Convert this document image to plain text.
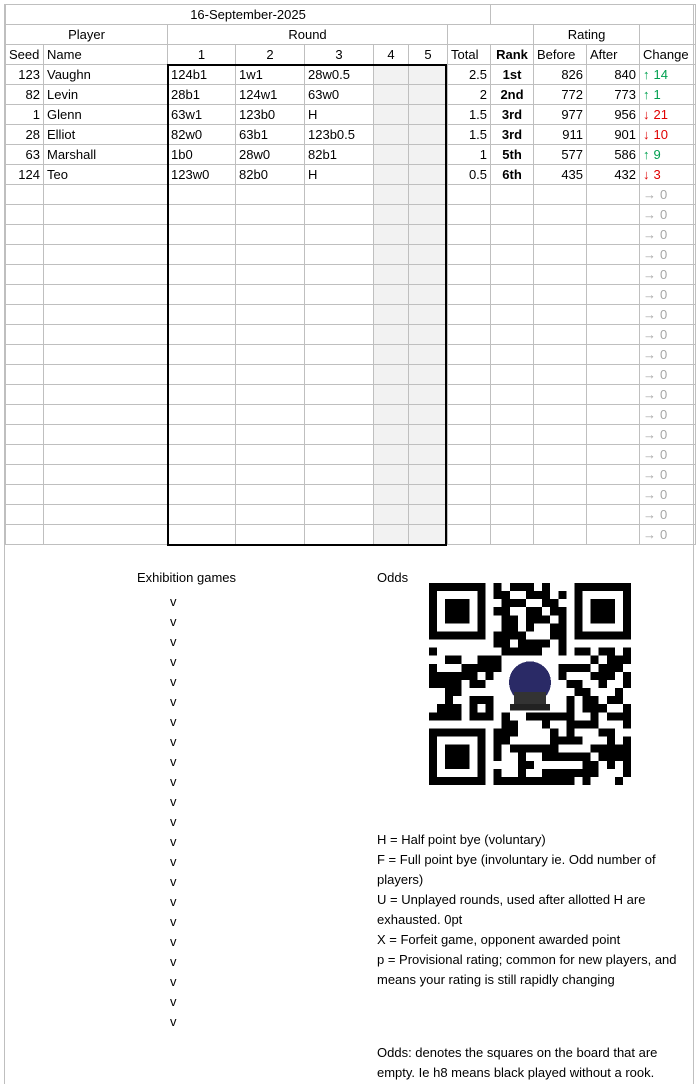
16-September-2025											
Player		Round							Rating		
Seed	Name	1	2	3	4	5	Total	Rank	Before	After	Change
123	Vaughn	124b1	1w1	28w0.5			2.5	1st	826	840	↑ 14
82	Levin	28b1	124w1	63w0			2	2nd	772	773	↑ 1
1	Glenn	63w1	123b0	H			1.5	3rd	977	956	↓ 21
28	Elliot	82w0	63b1	123b0.5			1.5	3rd	911	901	↓ 10
63	Marshall	1b0	28w0	82b1			1	5th	577	586	↑ 9
124	Teo	123w0	82b0	H			0.5	6th	435	432	↓ 3
											→ 0
											→ 0
											→ 0
											→ 0
											→ 0
											→ 0
											→ 0
											→ 0
											→ 0
											→ 0
											→ 0
											→ 0
											→ 0
											→ 0
											→ 0
											→ 0
											→ 0
											→ 0
Exhibition games
v
v
v
v
v
v
v
v
v
v
v
v
v
v
v
v
v
v
v
v
v
v
Odds
H = Half point bye (voluntary)
F = Full point bye (involuntary ie. Odd number of players)
U = Unplayed rounds, used after allotted H are exhausted. 0pt
X = Forfeit game, opponent awarded point
p = Provisional rating; common for new players, and means your rating is still rapidly changing
Odds: denotes the squares on the board that are empty. Ie h8 means black played without a rook.
